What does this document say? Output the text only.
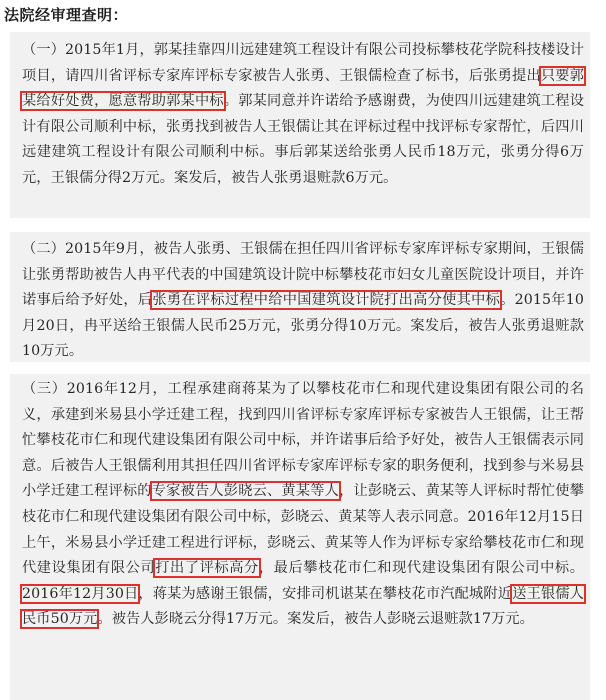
法院经审理查明：

（一）2015年1月，郭某挂靠四川远建建筑工程设计有限公司投标攀枝花学院科技楼设计项目，请四川省评标专家库评标专家被告人张勇、王银儒检查了标书，后张勇提出只要郭某给好处费，愿意帮助郭某中标。郭某同意并许诺给予感谢费，为使四川远建建筑工程设计有限公司顺利中标，张勇找到被告人王银儒让其在评标过程中找评标专家帮忙，后四川远建建筑工程设计有限公司顺利中标。事后郭某送给张勇人民币18万元，张勇分得6万元，王银儒分得2万元。案发后，被告人张勇退赃款6万元。

（二）2015年9月，被告人张勇、王银儒在担任四川省评标专家库评标专家期间，王银儒让张勇帮助被告人冉平代表的中国建筑设计院中标攀枝花市妇女儿童医院设计项目，并许诺事后给予好处，后张勇在评标过程中给中国建筑设计院打出高分使其中标。2015年10月20日，冉平送给王银儒人民币25万元，张勇分得10万元。案发后，被告人张勇退赃款10万元。

（三）2016年12月，工程承建商蒋某为了以攀枝花市仁和现代建设集团有限公司的名义，承建到米易县小学迁建工程，找到四川省评标专家库评标专家被告人王银儒，让王帮忙攀枝花市仁和现代建设集团有限公司中标，并许诺事后给予好处，被告人王银儒表示同意。后被告人王银儒利用其担任四川省评标专家库评标专家的职务便利，找到参与米易县小学迁建工程评标的专家被告人彭晓云、黄某等人，让彭晓云、黄某等人评标时帮忙使攀枝花市仁和现代建设集团有限公司中标，彭晓云、黄某等人表示同意。2016年12月15日上午，米易县小学迁建工程进行评标，彭晓云、黄某等人作为评标专家给攀枝花市仁和现代建设集团有限公司打出了评标高分，最后攀枝花市仁和现代建设集团有限公司中标。2016年12月30日，蒋某为感谢王银儒，安排司机谌某在攀枝花市汽配城附近送王银儒人民币50万元。被告人彭晓云分得17万元。案发后，被告人彭晓云退赃款17万元。
